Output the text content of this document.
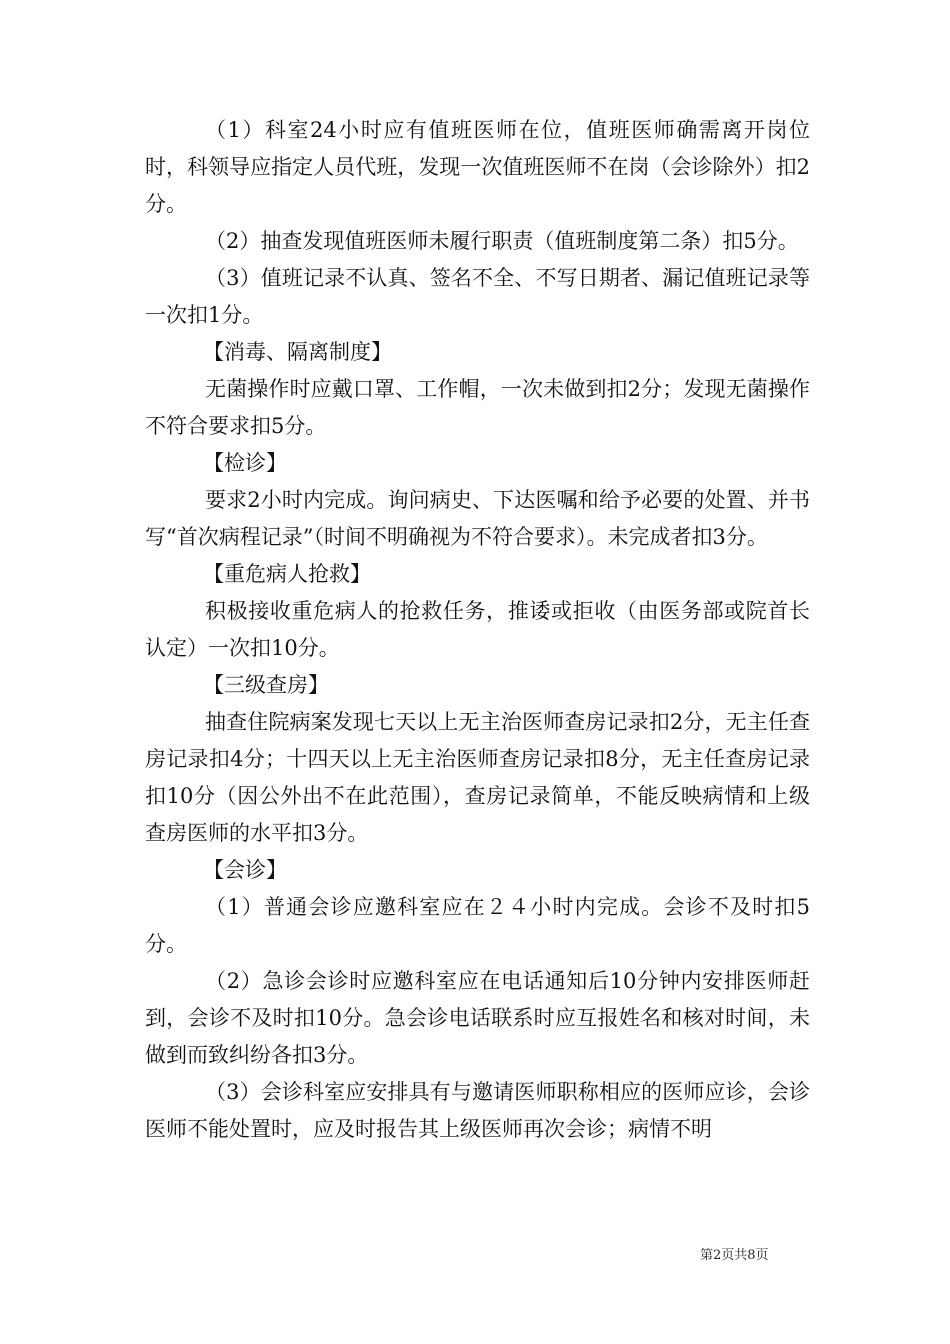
（1）科室24小时应有值班医师在位，值班医师确需离开岗位时，科领导应指定人员代班，发现一次值班医师不在岗（会诊除外）扣2分。

（2）抽查发现值班医师未履行职责（值班制度第二条）扣5分。

（3）值班记录不认真、签名不全、不写日期者、漏记值班记录等一次扣1分。

【消毒、隔离制度】

无菌操作时应戴口罩、工作帽，一次未做到扣2分；发现无菌操作不符合要求扣5分。

【检诊】

要求2小时内完成。询问病史、下达医嘱和给予必要的处置、并书写“首次病程记录”（时间不明确视为不符合要求）。未完成者扣3分。

【重危病人抢救】

积极接收重危病人的抢救任务，推诿或拒收（由医务部或院首长认定）一次扣10分。

【三级查房】

抽查住院病案发现七天以上无主治医师查房记录扣2分，无主任查房记录扣4分；十四天以上无主治医师查房记录扣8分，无主任查房记录扣10分（因公外出不在此范围），查房记录简单，不能反映病情和上级查房医师的水平扣3分。

【会诊】

（1）普通会诊应邀科室应在２４小时内完成。会诊不及时扣5分。

（2）急诊会诊时应邀科室应在电话通知后10分钟内安排医师赶到，会诊不及时扣10分。急会诊电话联系时应互报姓名和核对时间，未做到而致纠纷各扣3分。

（3）会诊科室应安排具有与邀请医师职称相应的医师应诊，会诊医师不能处置时，应及时报告其上级医师再次会诊；病情不明

第2页共8页
